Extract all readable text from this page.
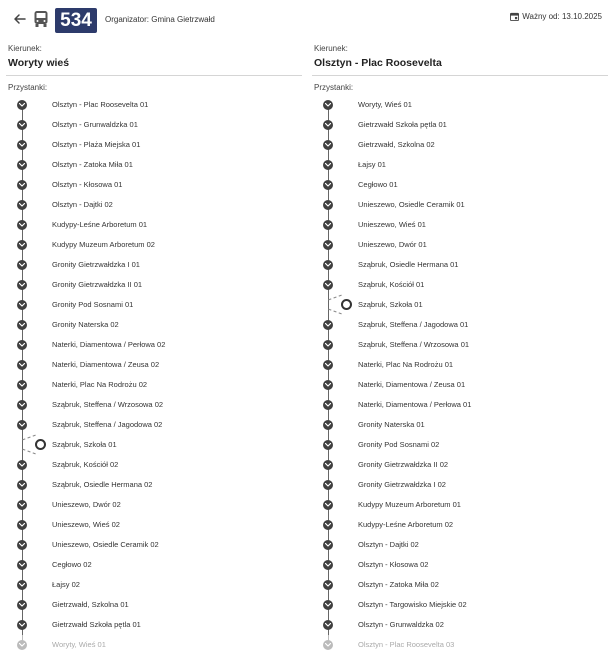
534	Organizator: Gmina Gietrzwałd	Ważny od: 13.10.2025
Kierunek:
Woryty wieś
Przystanki:
Olsztyn - Plac Roosevelta 01
Olsztyn - Grunwaldzka 01
Olsztyn - Plaża Miejska 01
Olsztyn - Zatoka Miła 01
Olsztyn - Kłosowa 01
Olsztyn - Dajtki 02
Kudypy-Leśne Arboretum 01
Kudypy Muzeum Arboretum 02
Gronity Gietrzwałdzka I 01
Gronity Gietrzwałdzka II 01
Gronity Pod Sosnami 01
Gronity Naterska 02
Naterki, Diamentowa / Perłowa 02
Naterki, Diamentowa / Zeusa 02
Naterki, Plac Na Rodrożu 02
Sząbruk, Steffena / Wrzosowa 02
Sząbruk, Steffena / Jagodowa 02
Sząbruk, Szkoła 01
Sząbruk, Kościół 02
Sząbruk, Osiedle Hermana 02
Unieszewo, Dwór 02
Unieszewo, Wieś 02
Unieszewo, Osiedle Ceramik 02
Cegłowo 02
Łajsy 02
Gietrzwałd, Szkolna 01
Gietrzwałd Szkoła pętla 01
Woryty, Wieś 01
Kierunek:
Olsztyn - Plac Roosevelta
Przystanki:
Woryty, Wieś 01
Gietrzwałd Szkoła pętla 01
Gietrzwałd, Szkolna 02
Łajsy 01
Cegłowo 01
Unieszewo, Osiedle Ceramik 01
Unieszewo, Wieś 01
Unieszewo, Dwór 01
Sząbruk, Osiedle Hermana 01
Sząbruk, Kościół 01
Sząbruk, Szkoła 01
Sząbruk, Steffena / Jagodowa 01
Sząbruk, Steffena / Wrzosowa 01
Naterki, Plac Na Rodrożu 01
Naterki, Diamentowa / Zeusa 01
Naterki, Diamentowa / Perłowa 01
Gronity Naterska 01
Gronity Pod Sosnami 02
Gronity Gietrzwałdzka II 02
Gronity Gietrzwałdzka I 02
Kudypy Muzeum Arboretum 01
Kudypy-Leśne Arboretum 02
Olsztyn - Dajtki 02
Olsztyn - Kłosowa 02
Olsztyn - Zatoka Miła 02
Olsztyn - Targowisko Miejskie 02
Olsztyn - Grunwaldzka 02
Olsztyn - Plac Roosevelta 03
